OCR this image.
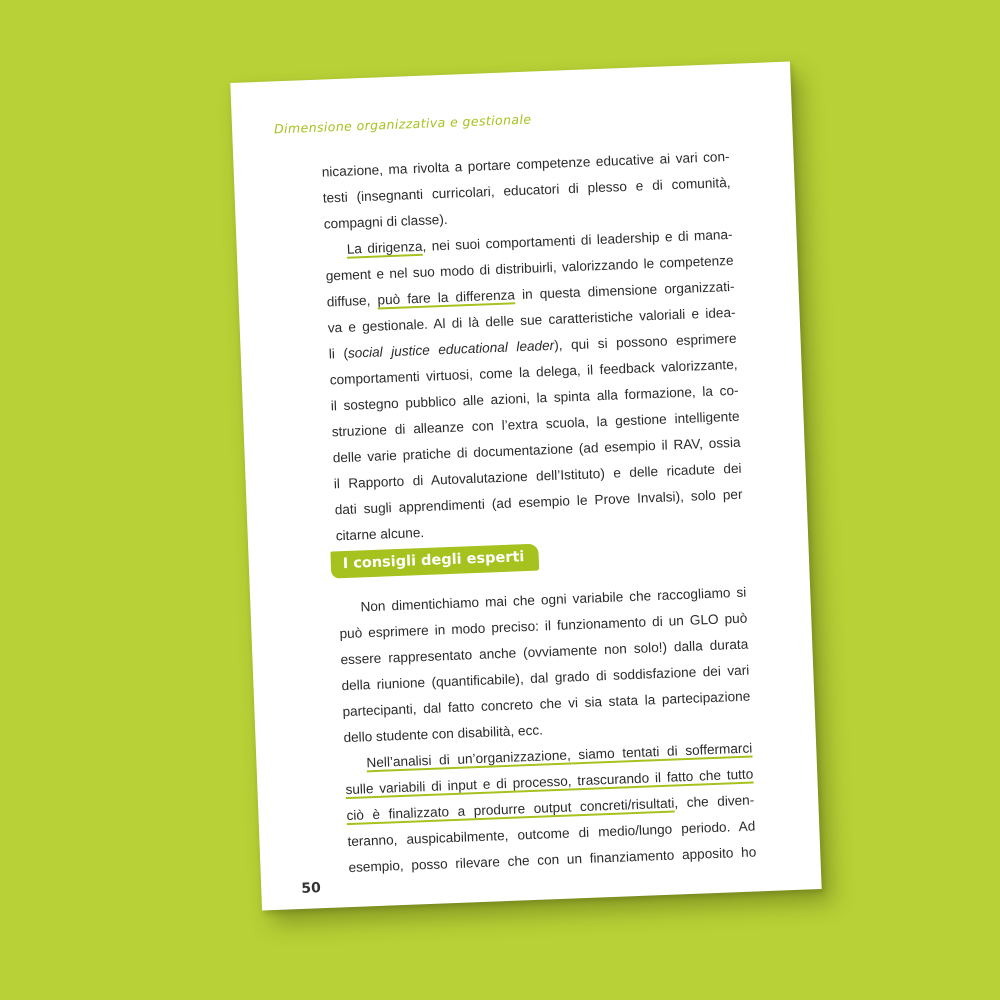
Dimensione organizzativa e gestionale
nicazione, ma rivolta a portare competenze educative ai vari con-
testi (insegnanti curricolari, educatori di plesso e di comunità,
compagni di classe).
La dirigenza, nei suoi comportamenti di leadership e di mana-
gement e nel suo modo di distribuirli, valorizzando le competenze
diffuse, può fare la differenza in questa dimensione organizzati-
va e gestionale. Al di là delle sue caratteristiche valoriali e idea-
li (social justice educational leader), qui si possono esprimere
comportamenti virtuosi, come la delega, il feedback valorizzante,
il sostegno pubblico alle azioni, la spinta alla formazione, la co-
struzione di alleanze con l’extra scuola, la gestione intelligente
delle varie pratiche di documentazione (ad esempio il RAV, ossia
il Rapporto di Autovalutazione dell’Istituto) e delle ricadute dei
dati sugli apprendimenti (ad esempio le Prove Invalsi), solo per
citarne alcune.
I consigli degli esperti
Non dimentichiamo mai che ogni variabile che raccogliamo si
può esprimere in modo preciso: il funzionamento di un GLO può
essere rappresentato anche (ovviamente non solo!) dalla durata
della riunione (quantificabile), dal grado di soddisfazione dei vari
partecipanti, dal fatto concreto che vi sia stata la partecipazione
dello studente con disabilità, ecc.
Nell’analisi di un’organizzazione, siamo tentati di soffermarci
sulle variabili di input e di processo, trascurando il fatto che tutto
ciò è finalizzato a produrre output concreti/risultati, che diven-
teranno, auspicabilmente, outcome di medio/lungo periodo. Ad
esempio, posso rilevare che con un finanziamento apposito ho
50
